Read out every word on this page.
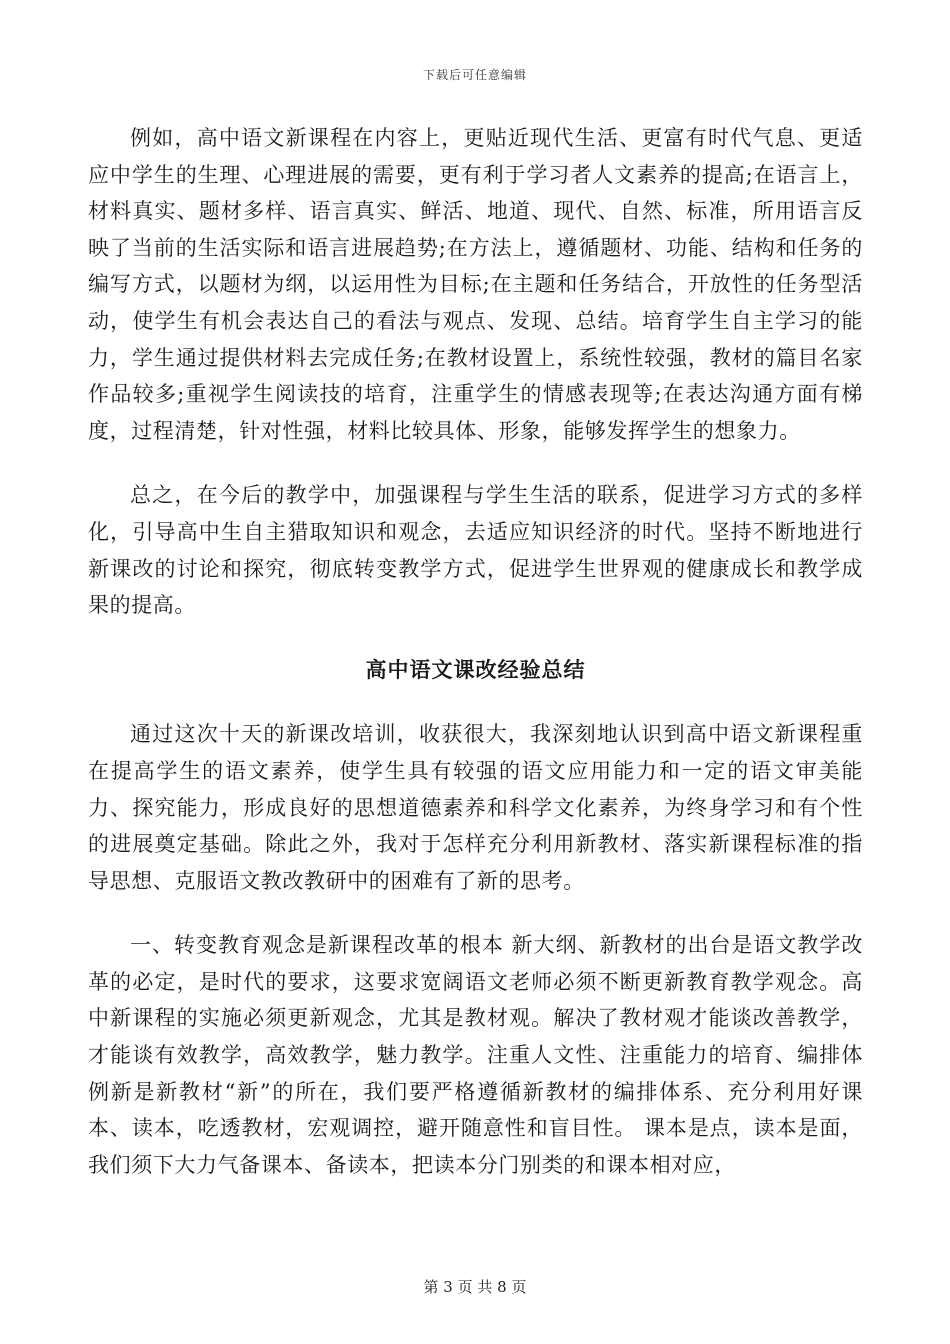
下载后可任意编辑

例如，高中语文新课程在内容上，更贴近现代生活、更富有时代气息、更适应中学生的生理、心理进展的需要，更有利于学习者人文素养的提高;在语言上，材料真实、题材多样、语言真实、鲜活、地道、现代、自然、标准，所用语言反映了当前的生活实际和语言进展趋势;在方法上，遵循题材、功能、结构和任务的编写方式，以题材为纲，以运用性为目标;在主题和任务结合，开放性的任务型活动，使学生有机会表达自己的看法与观点、发现、总结。培育学生自主学习的能力，学生通过提供材料去完成任务;在教材设置上，系统性较强，教材的篇目名家作品较多;重视学生阅读技的培育，注重学生的情感表现等;在表达沟通方面有梯度，过程清楚，针对性强，材料比较具体、形象，能够发挥学生的想象力。

总之，在今后的教学中，加强课程与学生生活的联系，促进学习方式的多样化，引导高中生自主猎取知识和观念，去适应知识经济的时代。坚持不断地进行新课改的讨论和探究，彻底转变教学方式，促进学生世界观的健康成长和教学成果的提高。

高中语文课改经验总结

通过这次十天的新课改培训，收获很大，我深刻地认识到高中语文新课程重在提高学生的语文素养，使学生具有较强的语文应用能力和一定的语文审美能力、探究能力，形成良好的思想道德素养和科学文化素养，为终身学习和有个性的进展奠定基础。除此之外，我对于怎样充分利用新教材、落实新课程标准的指导思想、克服语文教改教研中的困难有了新的思考。

一、转变教育观念是新课程改革的根本 新大纲、新教材的出台是语文教学改革的必定，是时代的要求，这要求宽阔语文老师必须不断更新教育教学观念。高中新课程的实施必须更新观念，尤其是教材观。解决了教材观才能谈改善教学，才能谈有效教学，高效教学，魅力教学。注重人文性、注重能力的培育、编排体例新是新教材“新”的所在，我们要严格遵循新教材的编排体系、充分利用好课本、读本，吃透教材，宏观调控，避开随意性和盲目性。 课本是点，读本是面，我们须下大力气备课本、备读本，把读本分门别类的和课本相对应，

第 3 页 共 8 页
